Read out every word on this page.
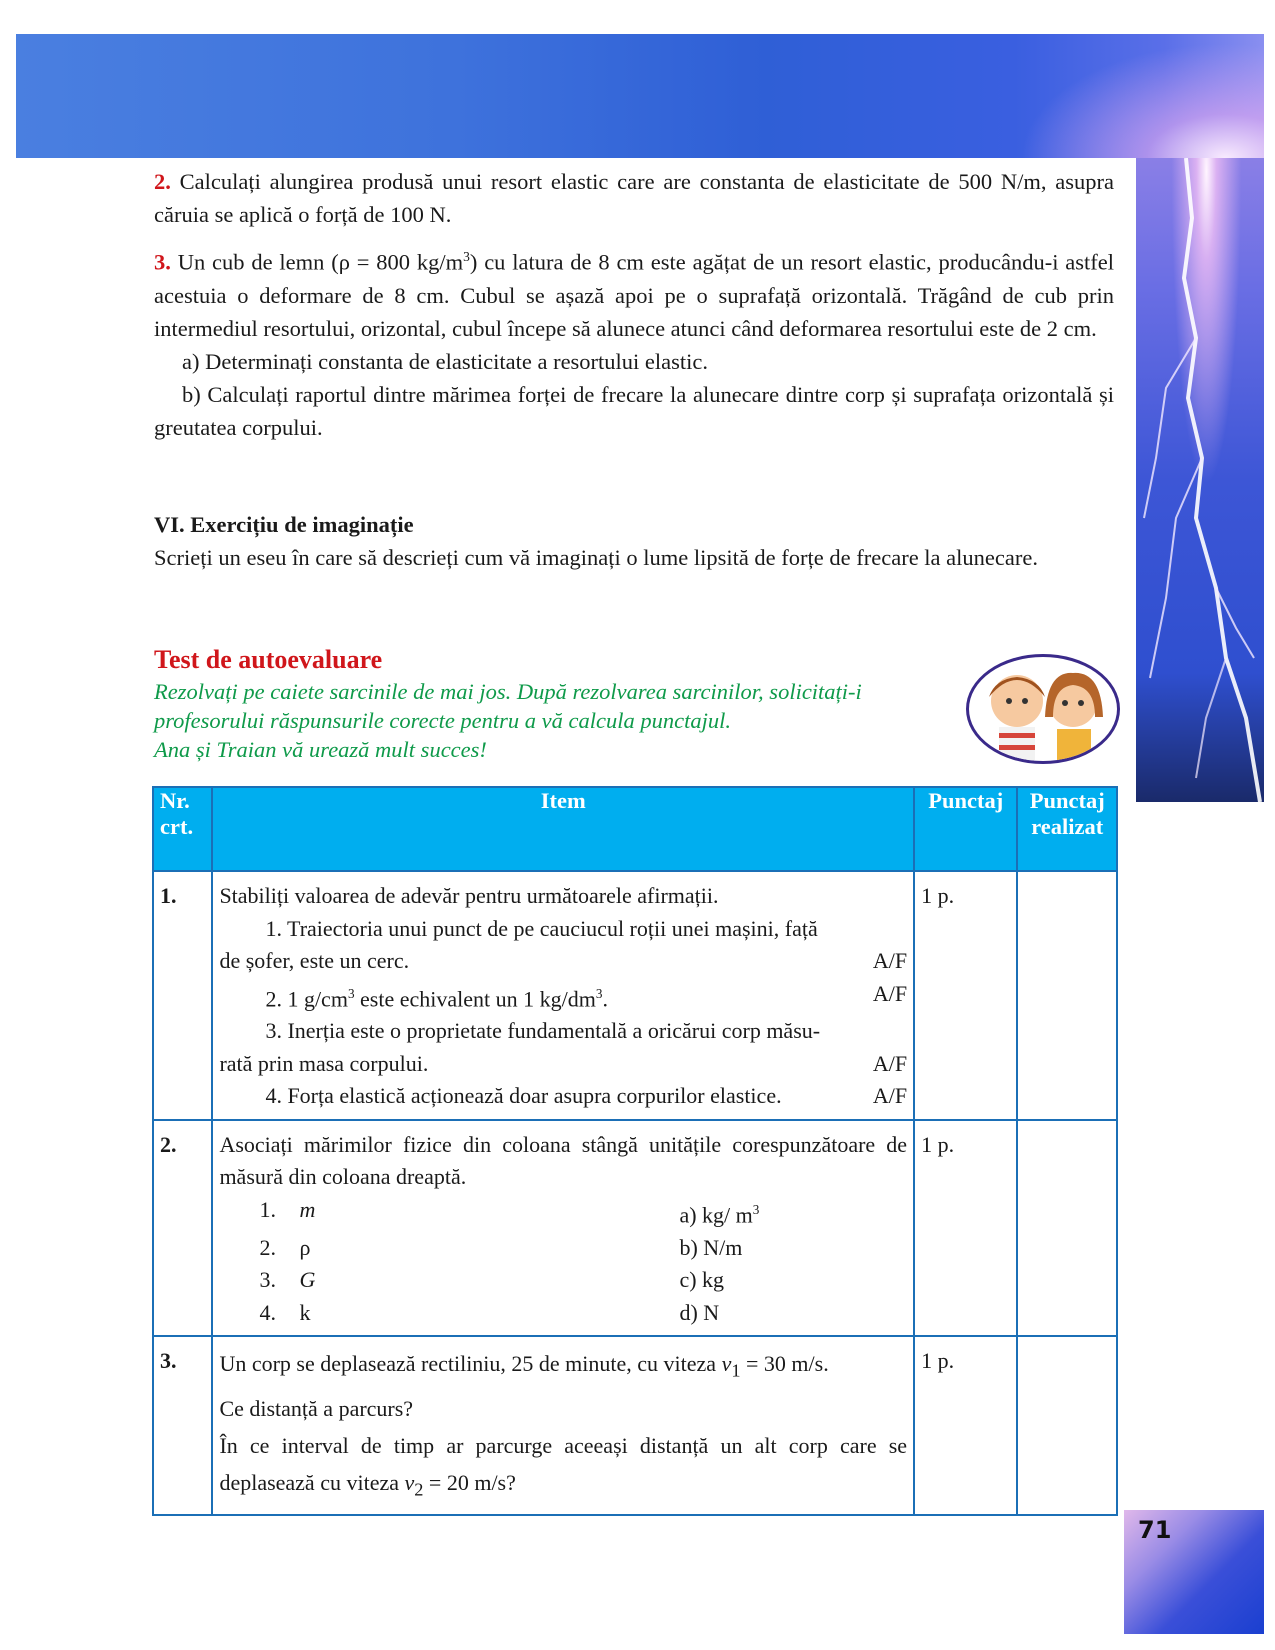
2. Calculați alungirea produsă unui resort elastic care are constanta de elasticitate de 500 N/m, asupra căruia se aplică o forță de 100 N.

3. Un cub de lemn (ρ = 800 $kg/m^3$) cu latura de 8 cm este agățat de un resort elastic, producându-i astfel acestuia o deformare de 8 cm. Cubul se așază apoi pe o suprafață orizontală. Trăgând de cub prin intermediul resortului, orizontal, cubul începe să alunece atunci când deformarea resortului este de 2 cm.

a) Determinați constanta de elasticitate a resortului elastic.

b) Calculați raportul dintre mărimea forței de frecare la alunecare dintre corp și suprafața orizontală și greutatea corpului.

VI. Exercițiu de imaginație

Scrieți un eseu în care să descrieți cum vă imaginați o lume lipsită de forțe de frecare la alunecare.

Test de autoevaluare

Rezolvați pe caiete sarcinile de mai jos. După rezolvarea sarcinilor, solicitați-i

profesorului răspunsurile corecte pentru a vă calcula punctajul.

Ana și Traian vă urează mult succes!

Nr.
crt.	Item	Punctaj	Punctaj
realizat
1.	Stabiliți valoarea de adevăr pentru următoarele afirmații.
1. Traiectoria unui punct de pe cauciucul roții unei mașini, față
de șofer, este un cerc.	A/F
2. 1 $g/cm^3$ este echivalent un 1 $kg/dm^3$.	A/F
3. Inerția este o proprietate fundamentală a oricărui corp măsu-
rată prin masa corpului.	A/F
4. Forța elastică acționează doar asupra corpurilor elastice.	A/F
	1 p.	
2.	Asociați mărimilor fizice din coloana stângă unitățile corespunzătoare de măsură din coloana dreaptă.
1.	m	a) kg/ $m^3$
2.	ρ	b) N/m
3.	G	c) kg
4.	k	d) N
	1 p.	
3.	Un corp se deplasează rectiliniu, 25 de minute, cu viteza $v_1 = 30$ m/s.
Ce distanță a parcurs?
În ce interval de timp ar parcurge aceeași distanță un alt corp care se deplasează cu viteza $v_2 = 20$ m/s?	1 p.	
71
